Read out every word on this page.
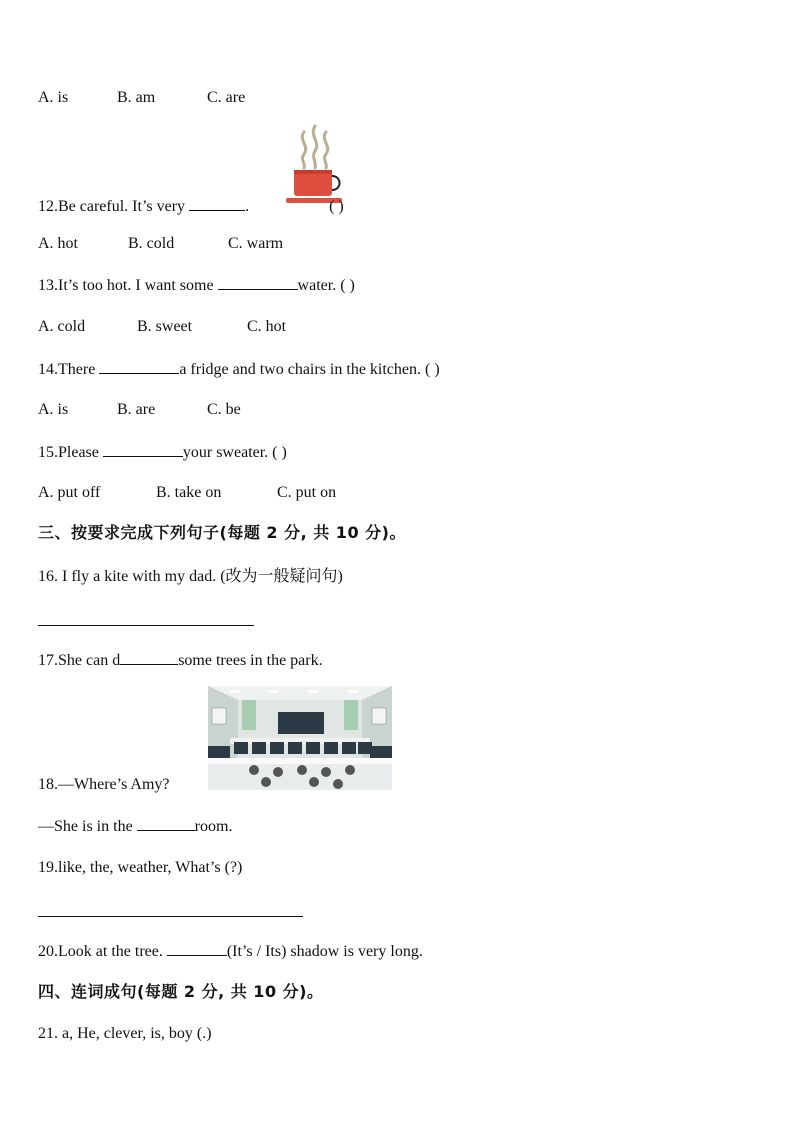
A. is	B. am	C. are
12.Be careful. It’s very	.	( )
A. hot	B. cold	C. warm
13.It’s too hot. I want some	water. ( )
A. cold	B. sweet	C. hot
14.There	a fridge and two chairs in the kitchen. ( )
A. is	B. are	C. be
15.Please	your sweater. ( )
A. put off	B. take on	C. put on
三、按要求完成下列句子(每题 2 分, 共 10 分)。
16. I fly a kite with my dad. (改为一般疑问句)
17.She can d	some trees in the park.
18.—Where’s Amy?
—She is in the	room.
19.like, the, weather, What’s (?)
20.Look at the tree.	(It’s / Its) shadow is very long.
四、连词成句(每题 2 分, 共 10 分)。
21. a, He, clever, is, boy (.)
